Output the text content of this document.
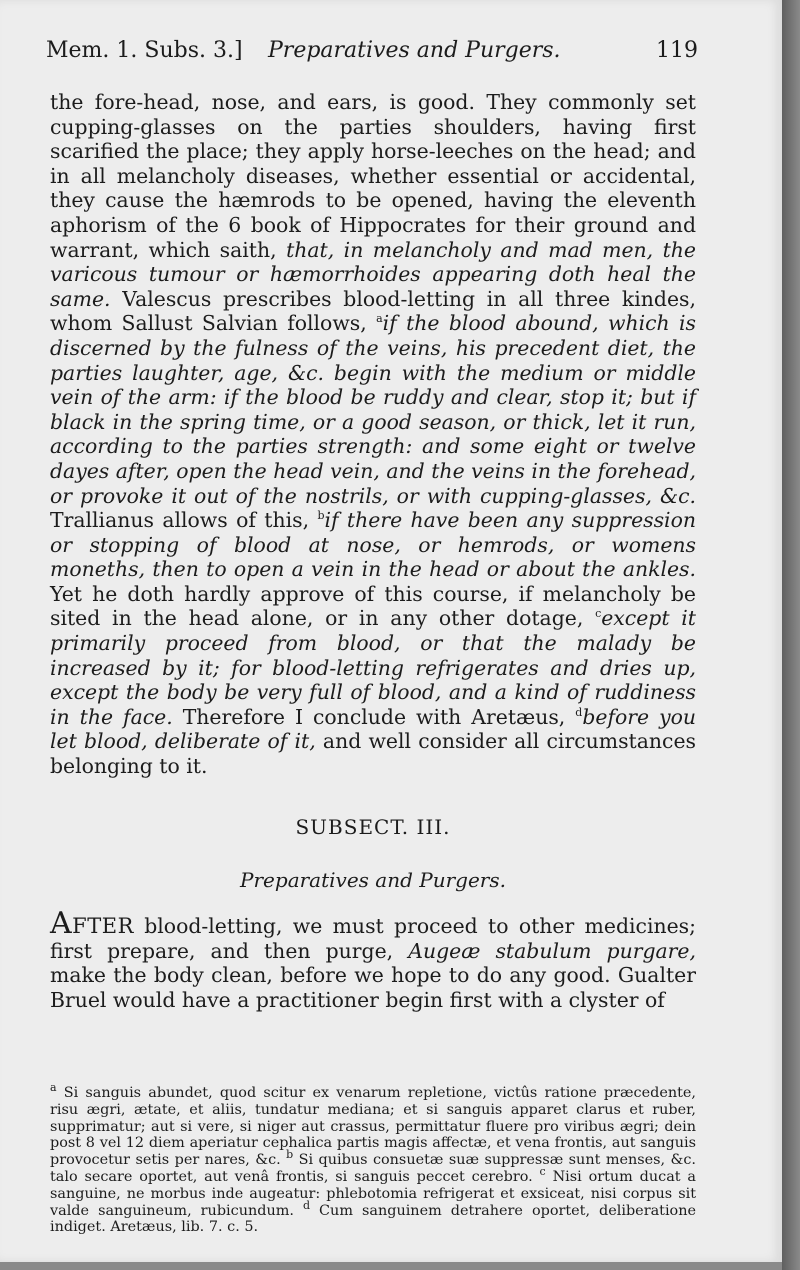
Mem. 1. Subs. 3.] Preparatives and Purgers.	119

the fore-head, nose, and ears, is good. They commonly set cupping-glasses on the parties shoulders, having first scarified the place; they apply horse-leeches on the head; and in all melancholy diseases, whether essential or accidental, they cause the hæmrods to be opened, having the eleventh aphorism of the 6 book of Hippocrates for their ground and warrant, which saith, that, in melancholy and mad men, the varicous tumour or hæmorrhoides appearing doth heal the same. Valescus prescribes blood-letting in all three kindes, whom Sallust Salvian follows, $^a$if the blood abound, which is discerned by the fulness of the veins, his precedent diet, the parties laughter, age, &c. begin with the medium or middle vein of the arm: if the blood be ruddy and clear, stop it; but if black in the spring time, or a good season, or thick, let it run, according to the parties strength: and some eight or twelve dayes after, open the head vein, and the veins in the forehead, or provoke it out of the nostrils, or with cupping-glasses, &c. Trallianus allows of this, $^b$if there have been any suppression or stopping of blood at nose, or hemrods, or womens moneths, then to open a vein in the head or about the ankles. Yet he doth hardly approve of this course, if melancholy be sited in the head alone, or in any other dotage, $^c$except it primarily proceed from blood, or that the malady be increased by it; for blood-letting refrigerates and dries up, except the body be very full of blood, and a kind of ruddiness in the face. Therefore I conclude with Aretæus, $^d$before you let blood, deliberate of it, and well consider all circumstances belonging to it.

SUBSECT. III.
Preparatives and Purgers.

After blood-letting, we must proceed to other medicines; first prepare, and then purge, Augeæ stabulum purgare, make the body clean, before we hope to do any good. Gualter Bruel would have a practitioner begin first with a clyster of

$^a$ Si sanguis abundet, quod scitur ex venarum repletione, victûs ratione præcedente, risu ægri, ætate, et aliis, tundatur mediana; et si sanguis apparet clarus et ruber, supprimatur; aut si vere, si niger aut crassus, permittatur fluere pro viribus ægri; dein post 8 vel 12 diem aperiatur cephalica partis magis affectæ, et vena frontis, aut sanguis provocetur setis per nares, &c. $^b$ Si quibus consuetæ suæ suppressæ sunt menses, &c. talo secare oportet, aut venâ frontis, si sanguis peccet cerebro. $^c$ Nisi ortum ducat a sanguine, ne morbus inde augeatur: phlebotomia refrigerat et exsiceat, nisi corpus sit valde sanguineum, rubicundum. $^d$ Cum sanguinem detrahere oportet, deliberatione indiget. Aretæus, lib. 7. c. 5.
